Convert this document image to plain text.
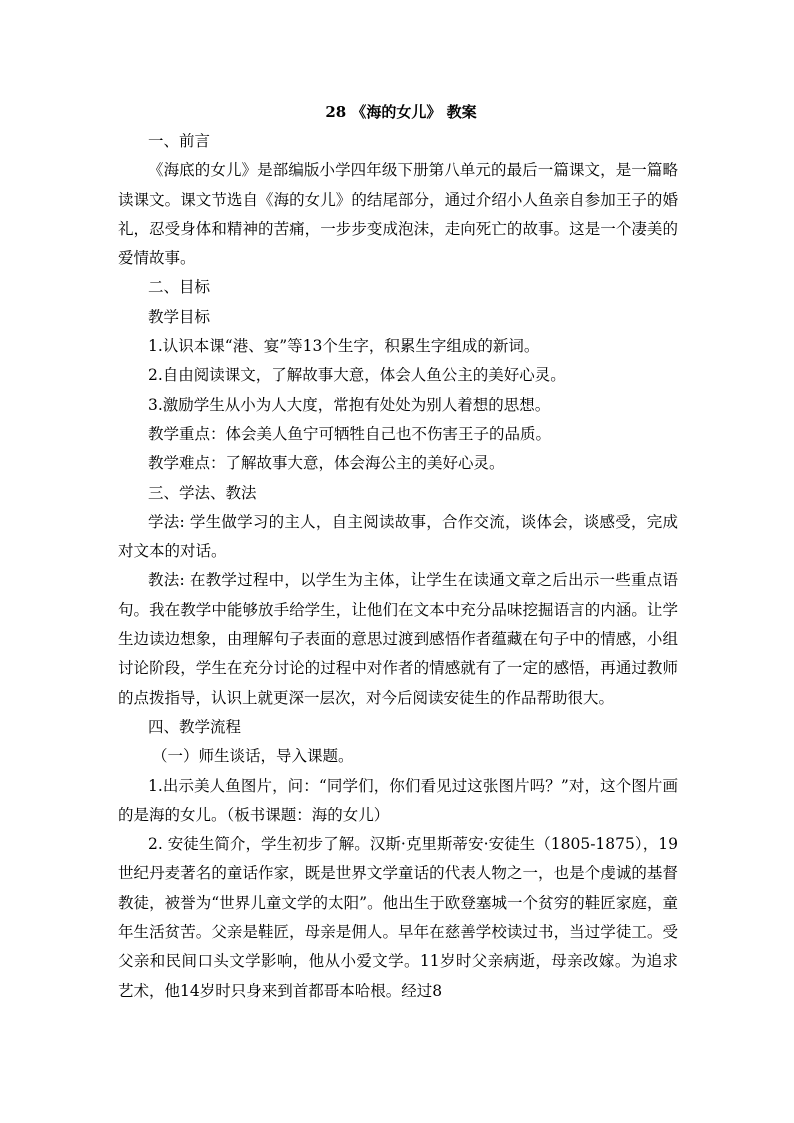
28 《海的女儿》 教案

一、前言

《海底的女儿》是部编版小学四年级下册第八单元的最后一篇课文，是一篇略读课文。课文节选自《海的女儿》的结尾部分，通过介绍小人鱼亲自参加王子的婚礼，忍受身体和精神的苦痛，一步步变成泡沫，走向死亡的故事。这是一个凄美的爱情故事。

二、目标

教学目标

1.认识本课“港、宴”等13个生字，积累生字组成的新词。

2.自由阅读课文，了解故事大意，体会人鱼公主的美好心灵。

3.激励学生从小为人大度，常抱有处处为别人着想的思想。

教学重点：体会美人鱼宁可牺牲自己也不伤害王子的品质。

教学难点：了解故事大意，体会海公主的美好心灵。

三、学法、教法

学法: 学生做学习的主人，自主阅读故事，合作交流，谈体会，谈感受，完成对文本的对话。

教法: 在教学过程中，以学生为主体，让学生在读通文章之后出示一些重点语句。我在教学中能够放手给学生，让他们在文本中充分品味挖掘语言的内涵。让学生边读边想象，由理解句子表面的意思过渡到感悟作者蕴藏在句子中的情感，小组讨论阶段，学生在充分讨论的过程中对作者的情感就有了一定的感悟，再通过教师的点拨指导，认识上就更深一层次，对今后阅读安徒生的作品帮助很大。

四、教学流程

（一）师生谈话，导入课题。

1.出示美人鱼图片，问：“同学们，你们看见过这张图片吗？”对，这个图片画的是海的女儿。（板书课题：海的女儿）

2. 安徒生简介，学生初步了解。汉斯·克里斯蒂安·安徒生（1805-1875），19世纪丹麦著名的童话作家，既是世界文学童话的代表人物之一，也是个虔诚的基督教徒，被誉为“世界儿童文学的太阳”。他出生于欧登塞城一个贫穷的鞋匠家庭，童年生活贫苦。父亲是鞋匠，母亲是佣人。早年在慈善学校读过书，当过学徒工。受父亲和民间口头文学影响，他从小爱文学。11岁时父亲病逝，母亲改嫁。为追求艺术，他14岁时只身来到首都哥本哈根。经过8
